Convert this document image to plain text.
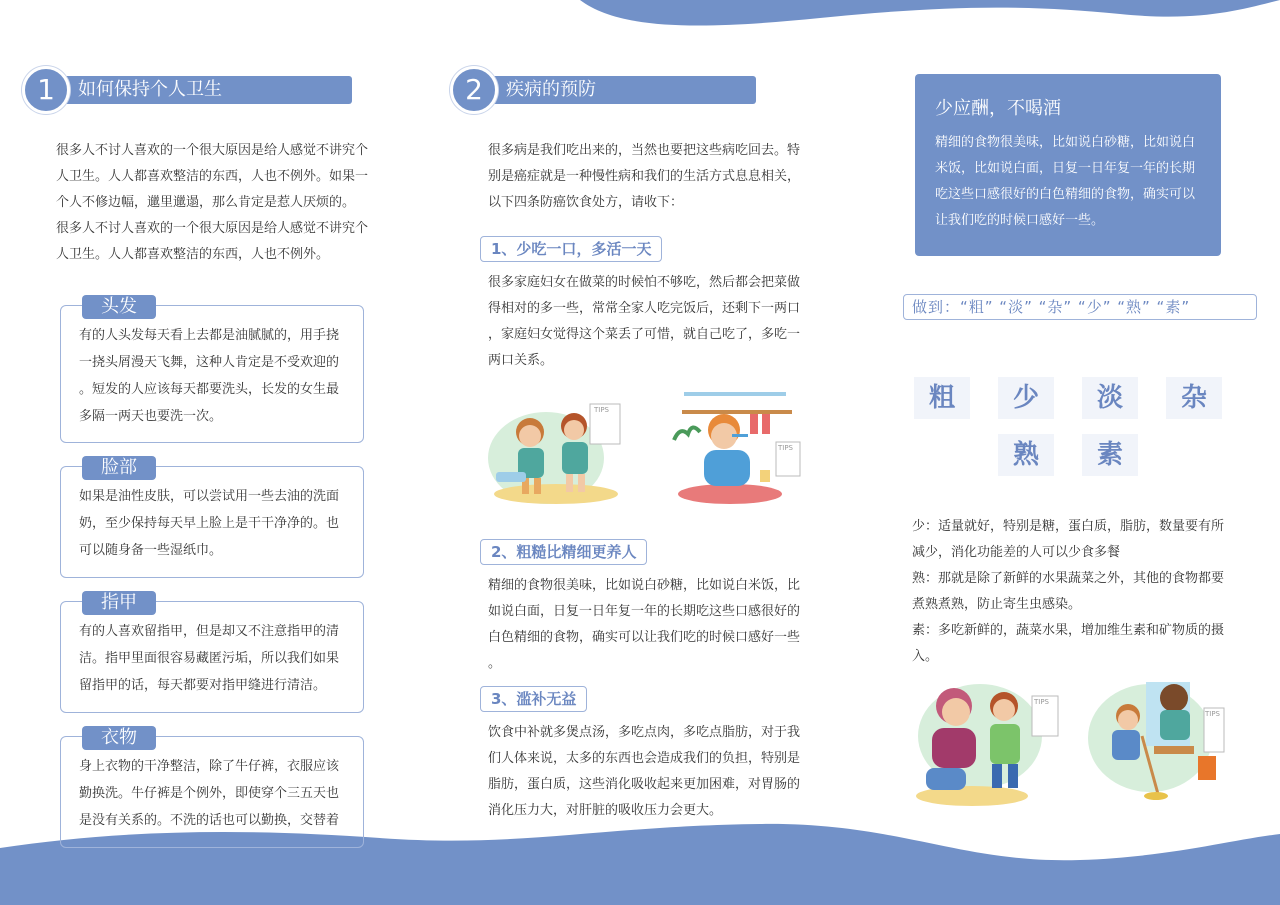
1	如何保持个人卫生
很多人不讨人喜欢的一个很大原因是给人感觉不讲究个
人卫生。人人都喜欢整洁的东西，人也不例外。如果一
个人不修边幅，邋里邋遢，那么肯定是惹人厌烦的。
很多人不讨人喜欢的一个很大原因是给人感觉不讲究个
人卫生。人人都喜欢整洁的东西，人也不例外。
头发
有的人头发每天看上去都是油腻腻的，用手挠
一挠头屑漫天飞舞，这种人肯定是不受欢迎的
。短发的人应该每天都要洗头，长发的女生最
多隔一两天也要洗一次。
脸部
如果是油性皮肤，可以尝试用一些去油的洗面
奶，至少保持每天早上脸上是干干净净的。也
可以随身备一些湿纸巾。
指甲
有的人喜欢留指甲，但是却又不注意指甲的清
洁。指甲里面很容易藏匿污垢，所以我们如果
留指甲的话，每天都要对指甲缝进行清洁。
衣物
身上衣物的干净整洁，除了牛仔裤，衣服应该
勤换洗。牛仔裤是个例外，即使穿个三五天也
是没有关系的。不洗的话也可以勤换，交替着
2	疾病的预防
很多病是我们吃出来的，当然也要把这些病吃回去。特
别是癌症就是一种慢性病和我们的生活方式息息相关，
以下四条防癌饮食处方，请收下：
1、少吃一口，多活一天
很多家庭妇女在做菜的时候怕不够吃，然后都会把菜做
得相对的多一些，常常全家人吃完饭后，还剩下一两口
，家庭妇女觉得这个菜丢了可惜，就自己吃了，多吃一
两口关系。
TIPS
TIPS
2、粗糙比精细更养人
精细的食物很美味，比如说白砂糖，比如说白米饭，比
如说白面，日复一日年复一年的长期吃这些口感很好的
白色精细的食物，确实可以让我们吃的时候口感好一些
。
3、滥补无益
饮食中补就多煲点汤，多吃点肉，多吃点脂肪，对于我
们人体来说，太多的东西也会造成我们的负担，特别是
脂肪，蛋白质，这些消化吸收起来更加困难，对胃肠的
消化压力大，对肝脏的吸收压力会更大。
少应酬，不喝酒
精细的食物很美味，比如说白砂糖，比如说白
米饭，比如说白面，日复一日年复一年的长期
吃这些口感很好的白色精细的食物，确实可以
让我们吃的时候口感好一些。
做到：“粗” “淡” “杂” “少” “熟” “素”
粗	少	淡	杂
熟	素
少：适量就好，特别是糖，蛋白质，脂肪，数量要有所
减少，消化功能差的人可以少食多餐
熟：那就是除了新鲜的水果蔬菜之外，其他的食物都要
煮熟煮熟，防止寄生虫感染。
素：多吃新鲜的，蔬菜水果，增加维生素和矿物质的摄
入。
TIPS
TIPS
